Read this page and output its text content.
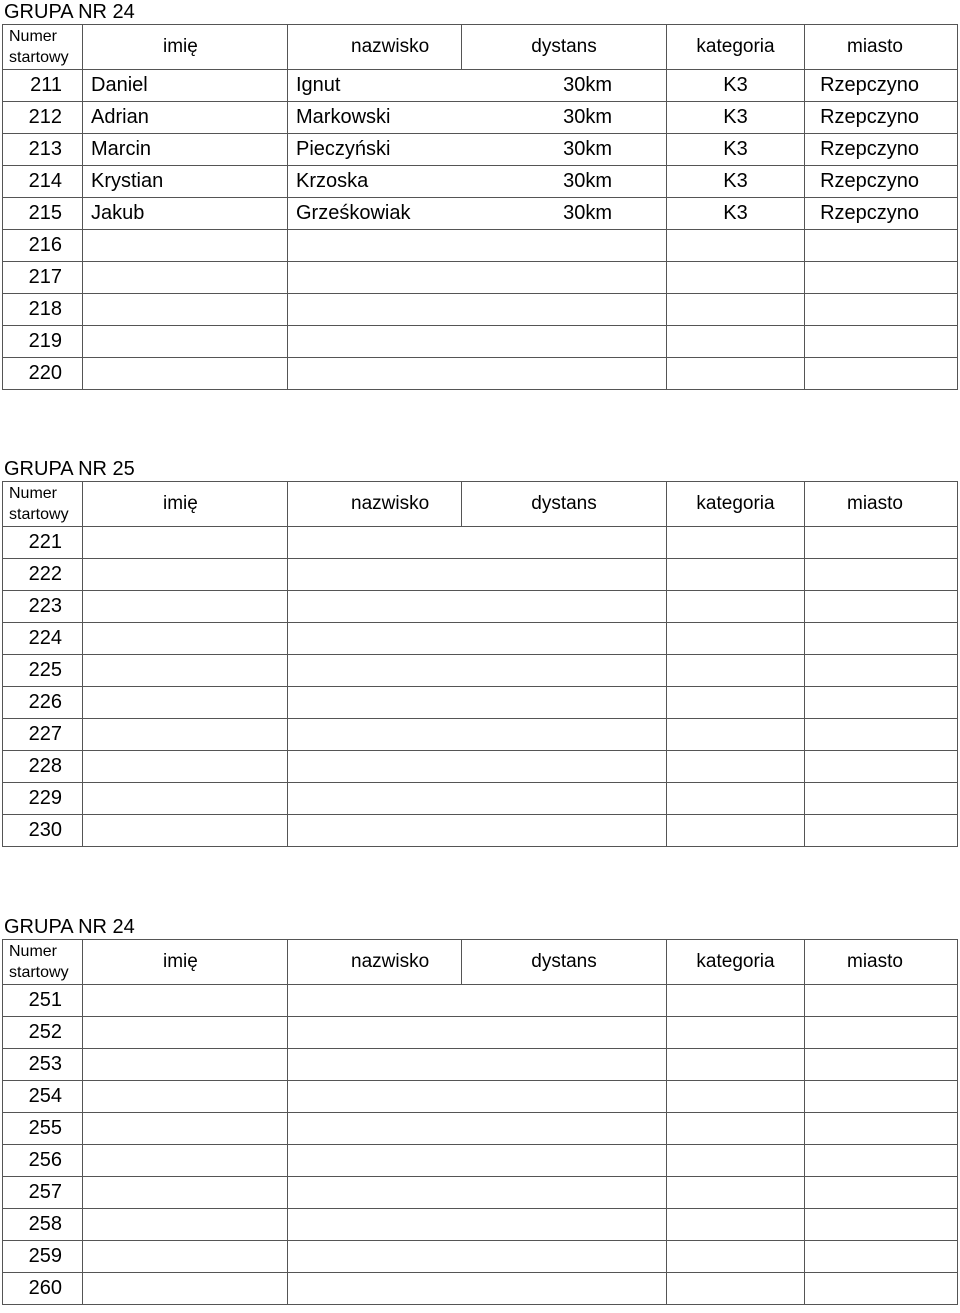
GRUPA NR 24
Numer
startowy	imię	nazwisko	dystans	kategoria	miasto
211	Daniel	Ignut	30km	K3	Rzepczyno
212	Adrian	Markowski	30km	K3	Rzepczyno
213	Marcin	Pieczyński	30km	K3	Rzepczyno
214	Krystian	Krzoska	30km	K3	Rzepczyno
215	Jakub	Grześkowiak	30km	K3	Rzepczyno
216					
217					
218					
219					
220					
GRUPA NR 25
Numer
startowy	imię	nazwisko	dystans	kategoria	miasto
221					
222					
223					
224					
225					
226					
227					
228					
229					
230					
GRUPA NR 24
Numer
startowy	imię	nazwisko	dystans	kategoria	miasto
251					
252					
253					
254					
255					
256					
257					
258					
259					
260					
